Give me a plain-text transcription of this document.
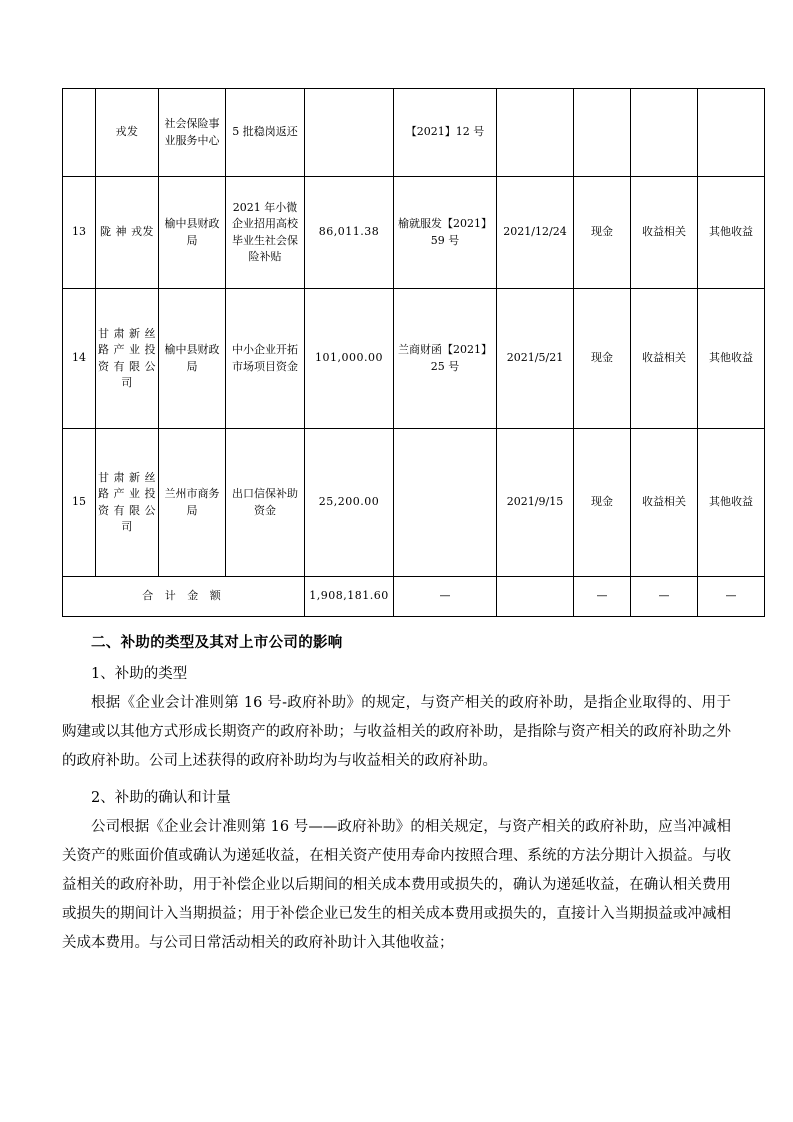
	戎发	社会保险事业服务中心	5 批稳岗返还		【2021】12 号				
13	陇 神 戎发	榆中县财政局	2021 年小微企业招用高校毕业生社会保险补贴	86,011.38	榆就服发【2021】59 号	2021/12/24	现金	收益相关	其他收益
14	甘 肃 新 丝 路 产 业 投 资 有 限 公 司	榆中县财政局	中小企业开拓市场项目资金	101,000.00	兰商财函【2021】25 号	2021/5/21	现金	收益相关	其他收益
15	甘 肃 新 丝 路 产 业 投 资 有 限 公 司	兰州市商务局	出口信保补助资金	25,200.00		2021/9/15	现金	收益相关	其他收益
合 计 金 额				1,908,181.60	—		—	—	—
二、补助的类型及其对上市公司的影响
1、补助的类型

根据《企业会计准则第 16 号-政府补助》的规定，与资产相关的政府补助，是指企业取得的、用于购建或以其他方式形成长期资产的政府补助；与收益相关的政府补助，是指除与资产相关的政府补助之外的政府补助。公司上述获得的政府补助均为与收益相关的政府补助。

2、补助的确认和计量

公司根据《企业会计准则第 16 号——政府补助》的相关规定，与资产相关的政府补助，应当冲减相关资产的账面价值或确认为递延收益，在相关资产使用寿命内按照合理、系统的方法分期计入损益。与收益相关的政府补助，用于补偿企业以后期间的相关成本费用或损失的，确认为递延收益，在确认相关费用或损失的期间计入当期损益；用于补偿企业已发生的相关成本费用或损失的，直接计入当期损益或冲减相关成本费用。与公司日常活动相关的政府补助计入其他收益；
